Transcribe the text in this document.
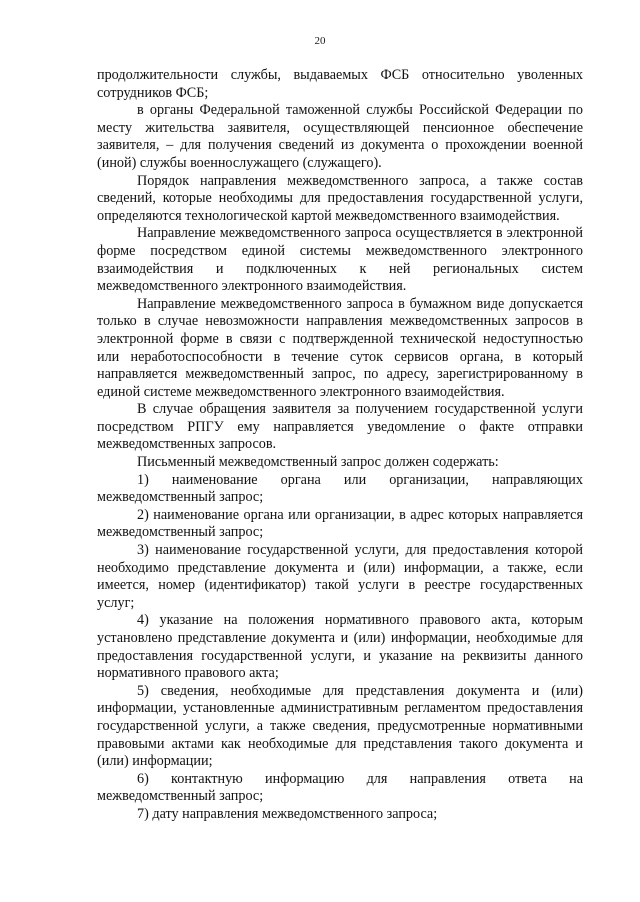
20

продолжительности службы, выдаваемых ФСБ относительно уволенных сотрудников ФСБ;

в органы Федеральной таможенной службы Российской Федерации по месту жительства заявителя, осуществляющей пенсионное обеспечение заявителя, – для получения сведений из документа о прохождении военной (иной) службы военнослужащего (служащего).

Порядок направления межведомственного запроса, а также состав сведений, которые необходимы для предоставления государственной услуги, определяются технологической картой межведомственного взаимодействия.

Направление межведомственного запроса осуществляется в электронной форме посредством единой системы межведомственного электронного взаимодействия и подключенных к ней региональных систем межведомственного электронного взаимодействия.

Направление межведомственного запроса в бумажном виде допускается только в случае невозможности направления межведомственных запросов в электронной форме в связи с подтвержденной технической недоступностью или неработоспособности в течение суток сервисов органа, в который направляется межведомственный запрос, по адресу, зарегистрированному в единой системе межведомственного электронного взаимодействия.

В случае обращения заявителя за получением государственной услуги посредством РПГУ ему направляется уведомление о факте отправки межведомственных запросов.

Письменный межведомственный запрос должен содержать:

1) наименование органа или организации, направляющих межведомственный запрос;

2) наименование органа или организации, в адрес которых направляется межведомственный запрос;

3) наименование государственной услуги, для предоставления которой необходимо представление документа и (или) информации, а также, если имеется, номер (идентификатор) такой услуги в реестре государственных услуг;

4) указание на положения нормативного правового акта, которым установлено представление документа и (или) информации, необходимые для предоставления государственной услуги, и указание на реквизиты данного нормативного правового акта;

5) сведения, необходимые для представления документа и (или) информации, установленные административным регламентом предоставления государственной услуги, а также сведения, предусмотренные нормативными правовыми актами как необходимые для представления такого документа и (или) информации;

6) контактную информацию для направления ответа на межведомственный запрос;

7) дату направления межведомственного запроса;
